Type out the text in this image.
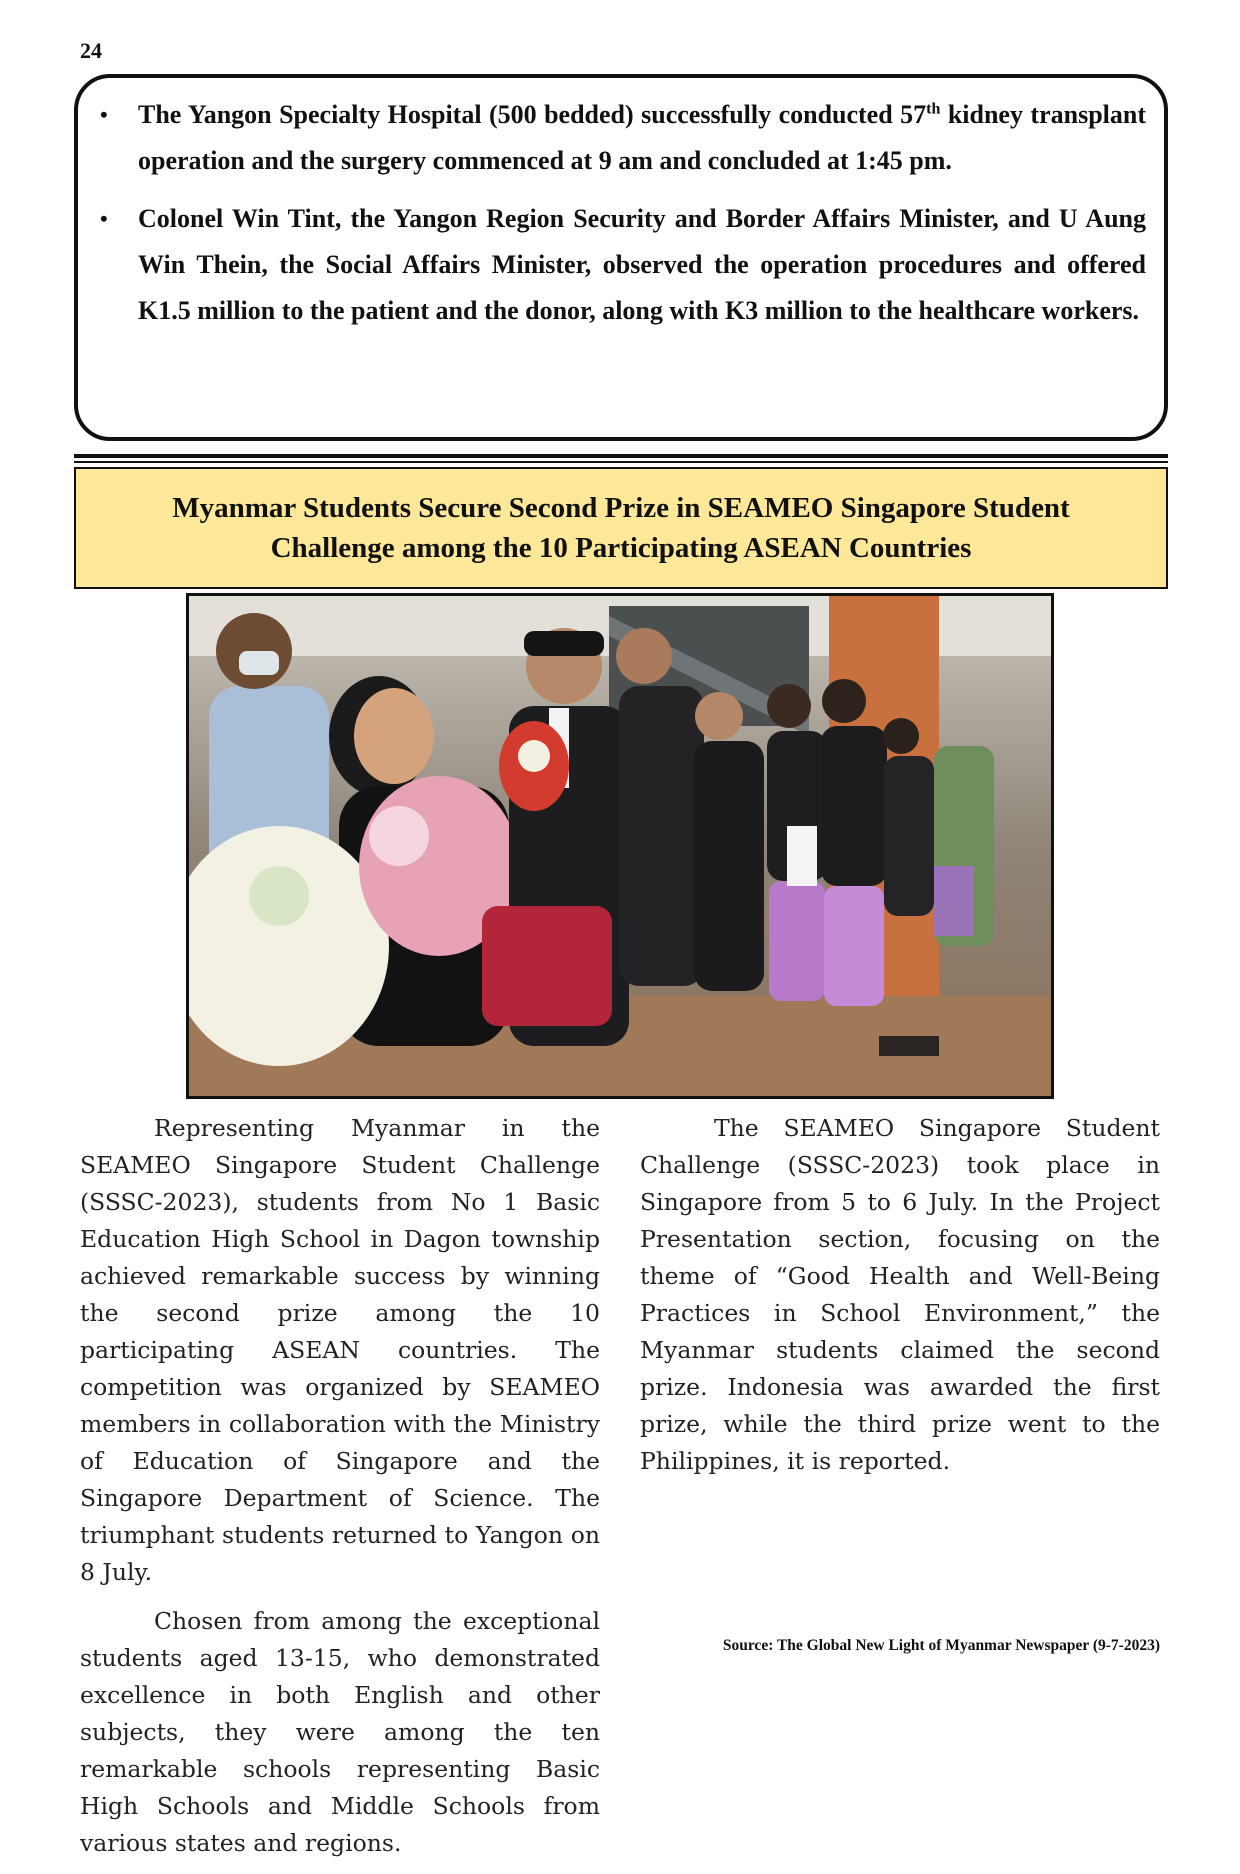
24
• The Yangon Specialty Hospital (500 bedded) successfully conducted 57th kidney transplant operation and the surgery commenced at 9 am and concluded at 1:45 pm.
• Colonel Win Tint, the Yangon Region Security and Border Affairs Minister, and U Aung Win Thein, the Social Affairs Minister, observed the operation procedures and offered K1.5 million to the patient and the donor, along with K3 million to the healthcare workers.
Myanmar Students Secure Second Prize in SEAMEO Singapore Student Challenge among the 10 Participating ASEAN Countries

Representing Myanmar in the SEAMEO Singapore Student Challenge (SSSC-2023), students from No 1 Basic Education High School in Dagon township achieved remarkable success by winning the second prize among the 10 participating ASEAN countries. The competition was organized by SEAMEO members in collaboration with the Ministry of Education of Singapore and the Singapore Department of Science. The triumphant students returned to Yangon on 8 July.

Chosen from among the exceptional students aged 13-15, who demonstrated excellence in both English and other subjects, they were among the ten remarkable schools representing Basic High Schools and Middle Schools from various states and regions.

The SEAMEO Singapore Student Challenge (SSSC-2023) took place in Singapore from 5 to 6 July. In the Project Presentation section, focusing on the theme of “Good Health and Well-Being Practices in School Environment,” the Myanmar students claimed the second prize. Indonesia was awarded the first prize, while the third prize went to the Philippines, it is reported.

Source: The Global New Light of Myanmar Newspaper (9-7-2023)
